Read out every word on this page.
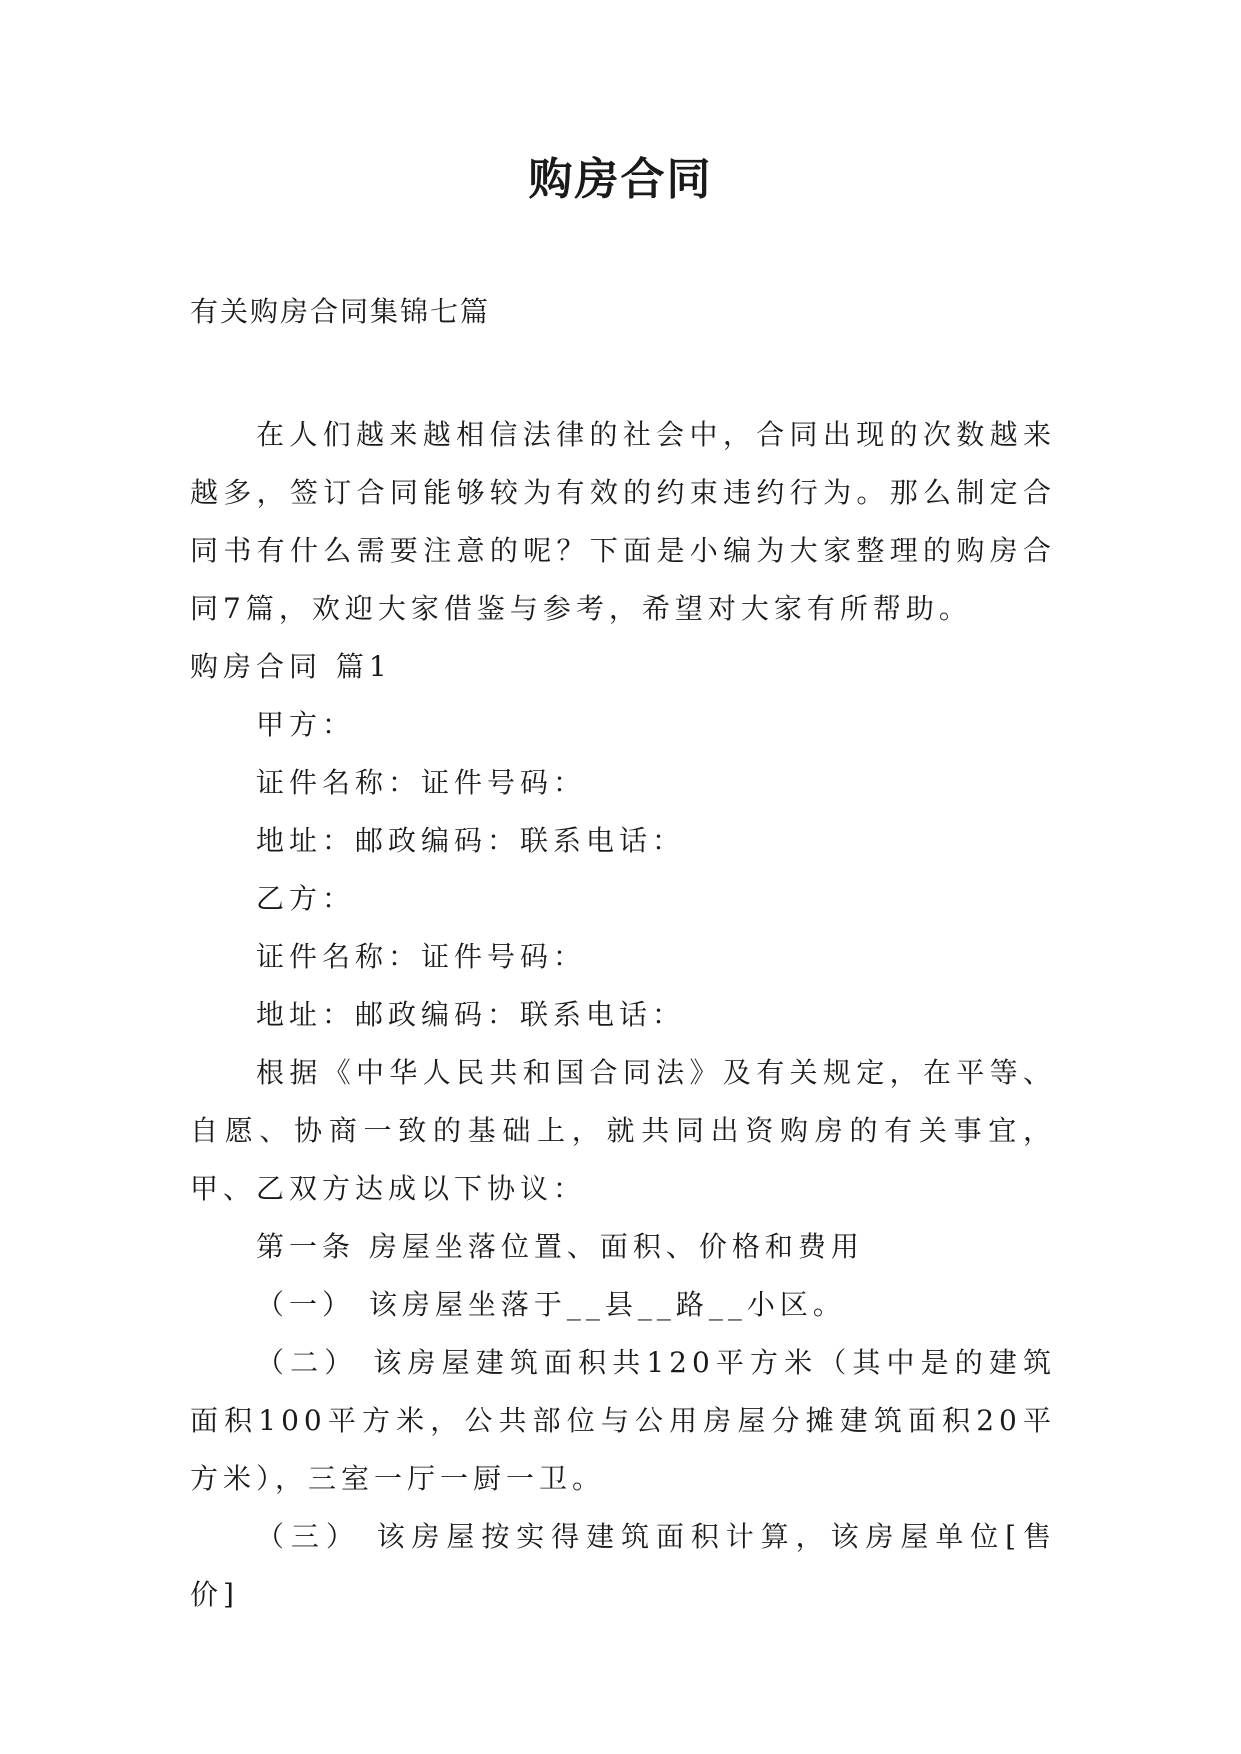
购房合同
有关购房合同集锦七篇

在人们越来越相信法律的社会中，合同出现的次数越来越多，签订合同能够较为有效的约束违约行为。那么制定合同书有什么需要注意的呢？下面是小编为大家整理的购房合同7篇，欢迎大家借鉴与参考，希望对大家有所帮助。

购房合同 篇1

甲方：

证件名称：证件号码：

地址：邮政编码：联系电话：

乙方：

证件名称：证件号码：

地址：邮政编码：联系电话：

根据《中华人民共和国合同法》及有关规定，在平等、自愿、协商一致的基础上，就共同出资购房的有关事宜，甲、乙双方达成以下协议：

第一条 房屋坐落位置、面积、价格和费用

（一） 该房屋坐落于__县__路__小区。

（二） 该房屋建筑面积共120平方米（其中是的建筑面积100平方米，公共部位与公用房屋分摊建筑面积20平方米），三室一厅一厨一卫。

（三） 该房屋按实得建筑面积计算，该房屋单位[售价]
